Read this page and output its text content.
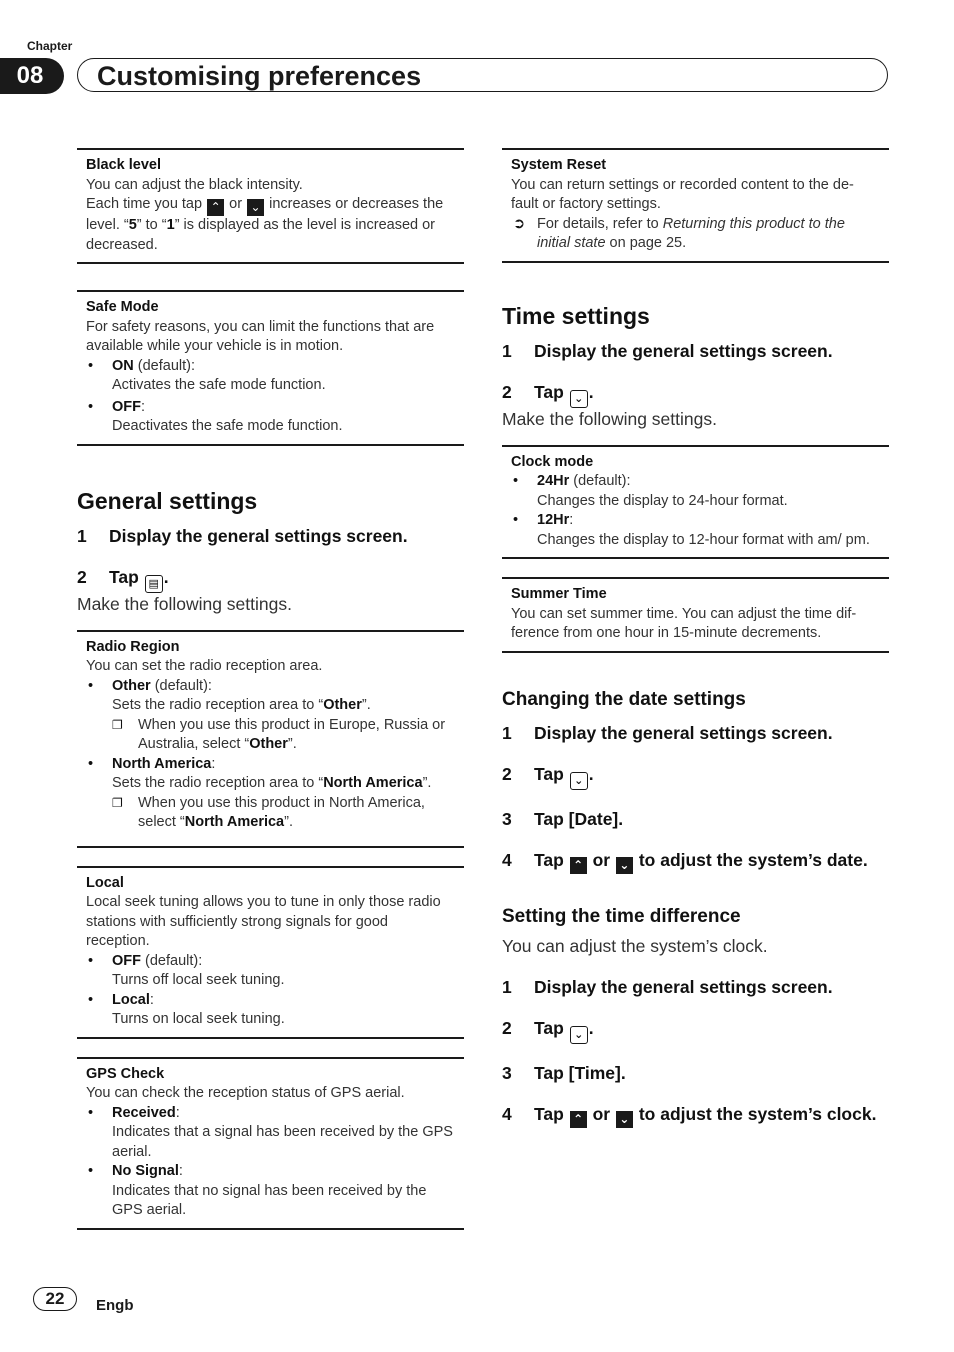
Chapter
08	Customising preferences
Black level
You can adjust the black intensity.
Each time you tap ⌃ or ⌄ increases or decreases the level. “5” to “1” is displayed as the level is increased or decreased.
Safe Mode
For safety reasons, you can limit the functions that are available while your vehicle is in motion.
• ON (default):
Activates the safe mode function.
• OFF:
Deactivates the safe mode function.
General settings
1 Display the general settings screen.
2 Tap ▤ .
Make the following settings.
Radio Region
You can set the radio reception area.
• Other (default):
Sets the radio reception area to “Other”.
❐ When you use this product in Europe, Russia or Australia, select “Other”.
• North America:
Sets the radio reception area to “North America”.
❐ When you use this product in North America, select “North America”.
Local
Local seek tuning allows you to tune in only those radio stations with sufficiently strong signals for good reception.
• OFF (default):
Turns off local seek tuning.
• Local:
Turns on local seek tuning.
GPS Check
You can check the reception status of GPS aerial.
• Received:
Indicates that a signal has been received by the GPS aerial.
• No Signal:
Indicates that no signal has been received by the GPS aerial.
System Reset
You can return settings or recorded content to the de-fault or factory settings.
➲ For details, refer to Returning this product to the initial state on page 25.
Time settings
1 Display the general settings screen.
2 Tap ⌄ .
Make the following settings.
Clock mode
• 24Hr (default):
Changes the display to 24-hour format.
• 12Hr:
Changes the display to 12-hour format with am/ pm.
Summer Time
You can set summer time. You can adjust the time dif-ference from one hour in 15-minute decrements.
Changing the date settings
1 Display the general settings screen.
2 Tap ⌄ .
3 Tap [Date].
4 Tap ⌃ or ⌄ to adjust the system’s date.
Setting the time difference
You can adjust the system’s clock.
1 Display the general settings screen.
2 Tap ⌄ .
3 Tap [Time].
4 Tap ⌃ or ⌄ to adjust the system’s clock.
22	Engb
